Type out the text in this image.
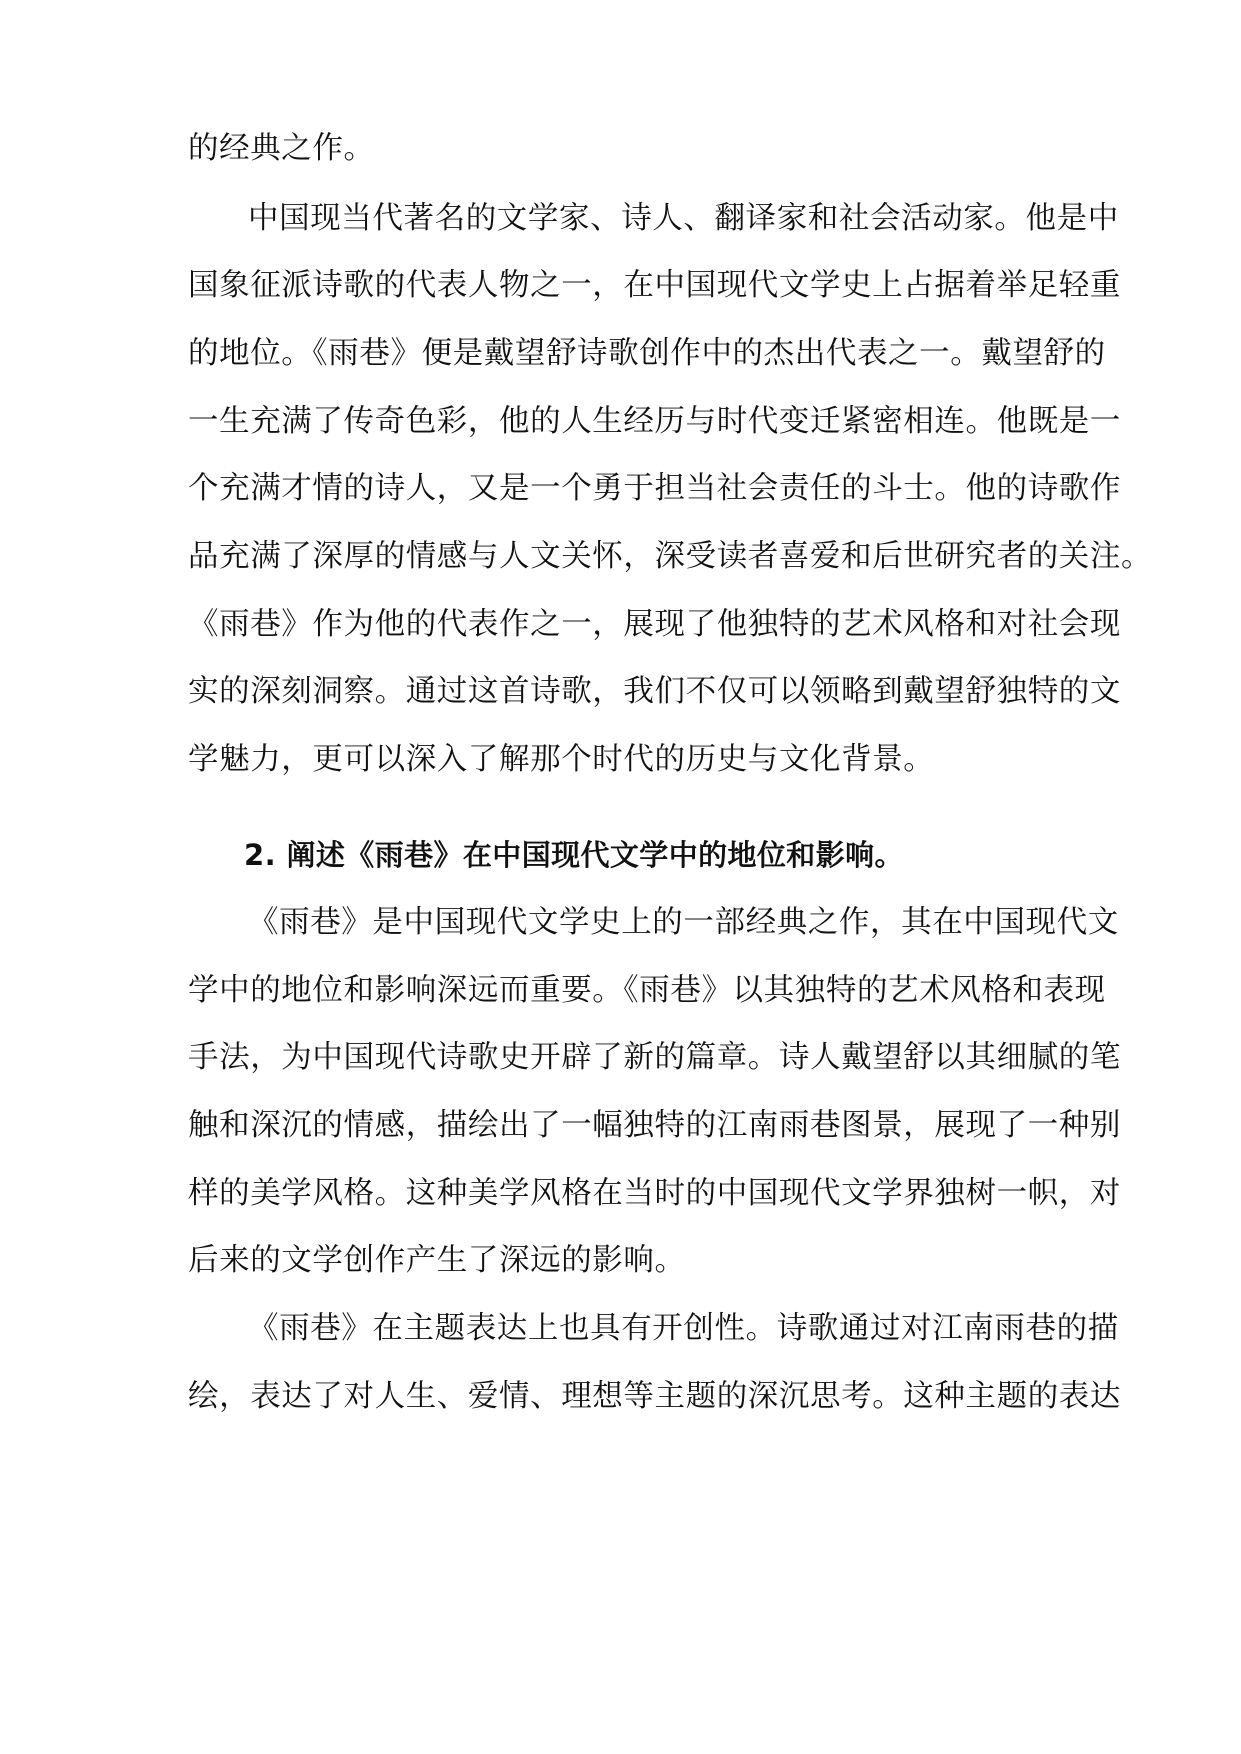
的经典之作。
中国现当代著名的文学家、诗人、翻译家和社会活动家。他是中
国象征派诗歌的代表人物之一，在中国现代文学史上占据着举足轻重
的地位。《雨巷》便是戴望舒诗歌创作中的杰出代表之一。戴望舒的
一生充满了传奇色彩，他的人生经历与时代变迁紧密相连。他既是一
个充满才情的诗人，又是一个勇于担当社会责任的斗士。他的诗歌作
品充满了深厚的情感与人文关怀，深受读者喜爱和后世研究者的关注。
《雨巷》作为他的代表作之一，展现了他独特的艺术风格和对社会现
实的深刻洞察。通过这首诗歌，我们不仅可以领略到戴望舒独特的文
学魅力，更可以深入了解那个时代的历史与文化背景。
2. 阐述《雨巷》在中国现代文学中的地位和影响。
《雨巷》是中国现代文学史上的一部经典之作，其在中国现代文
学中的地位和影响深远而重要。《雨巷》以其独特的艺术风格和表现
手法，为中国现代诗歌史开辟了新的篇章。诗人戴望舒以其细腻的笔
触和深沉的情感，描绘出了一幅独特的江南雨巷图景，展现了一种别
样的美学风格。这种美学风格在当时的中国现代文学界独树一帜，对
后来的文学创作产生了深远的影响。
《雨巷》在主题表达上也具有开创性。诗歌通过对江南雨巷的描
绘，表达了对人生、爱情、理想等主题的深沉思考。这种主题的表达
